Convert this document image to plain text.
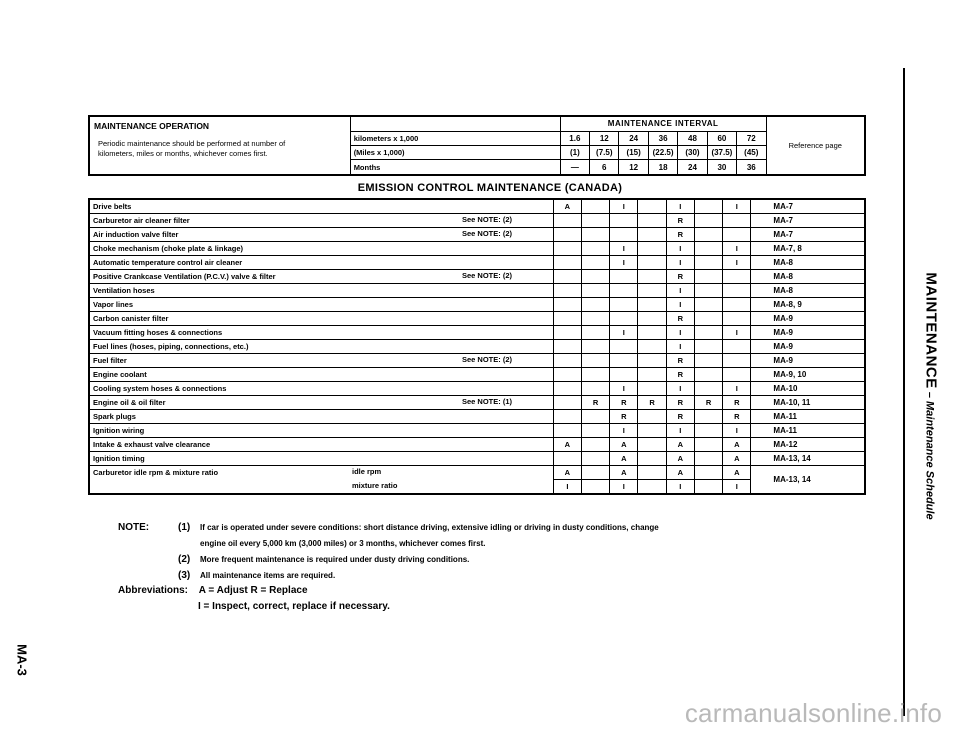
MAINTENANCE – Maintenance Schedule
MA-3
MAINTENANCE OPERATION
Periodic maintenance should be performed at number of
kilometers, miles or months, whichever comes first.		MAINTENANCE INTERVAL							Reference page
	kilometers x 1,000	1.6	12	24	36	48	60	72	
	(Miles x 1,000)	(1)	(7.5)	(15)	(22.5)	(30)	(37.5)	(45)	
	Months	—	6	12	18	24	30	36	
EMISSION CONTROL MAINTENANCE (CANADA)
Drive belts	A		I		I		I	MA-7
Carburetor air cleaner filter See NOTE: (2)					R			MA-7
Air induction valve filter See NOTE: (2)					R			MA-7
Choke mechanism (choke plate & linkage)			I		I		I	MA-7, 8
Automatic temperature control air cleaner			I		I		I	MA-8
Positive Crankcase Ventilation (P.C.V.) valve & filter See NOTE: (2)					R			MA-8
Ventilation hoses					I			MA-8
Vapor lines					I			MA-8, 9
Carbon canister filter					R			MA-9
Vacuum fitting hoses & connections			I		I		I	MA-9
Fuel lines (hoses, piping, connections, etc.)					I			MA-9
Fuel filter See NOTE: (2)					R			MA-9
Engine coolant					R			MA-9, 10
Cooling system hoses & connections			I		I		I	MA-10
Engine oil & oil filter See NOTE: (1)		R	R	R	R	R	R	MA-10, 11
Spark plugs			R		R		R	MA-11
Ignition wiring			I		I		I	MA-11
Intake & exhaust valve clearance	A		A		A		A	MA-12
Ignition timing			A		A		A	MA-13, 14
Carburetor idle rpm & mixture ratio idle rpm	A		A		A		A	MA-13, 14

mixture ratio	I		I		I		I	
NOTE:	(1)	If car is operated under severe conditions: short distance driving, extensive idling or driving in dusty conditions, change
engine oil every 5,000 km (3,000 miles) or 3 months, whichever comes first.
(2)	More frequent maintenance is required under dusty driving conditions.
(3)	All maintenance items are required.
Abbreviations: A = Adjust R = Replace
I = Inspect, correct, replace if necessary.
carmanualsonline.info
